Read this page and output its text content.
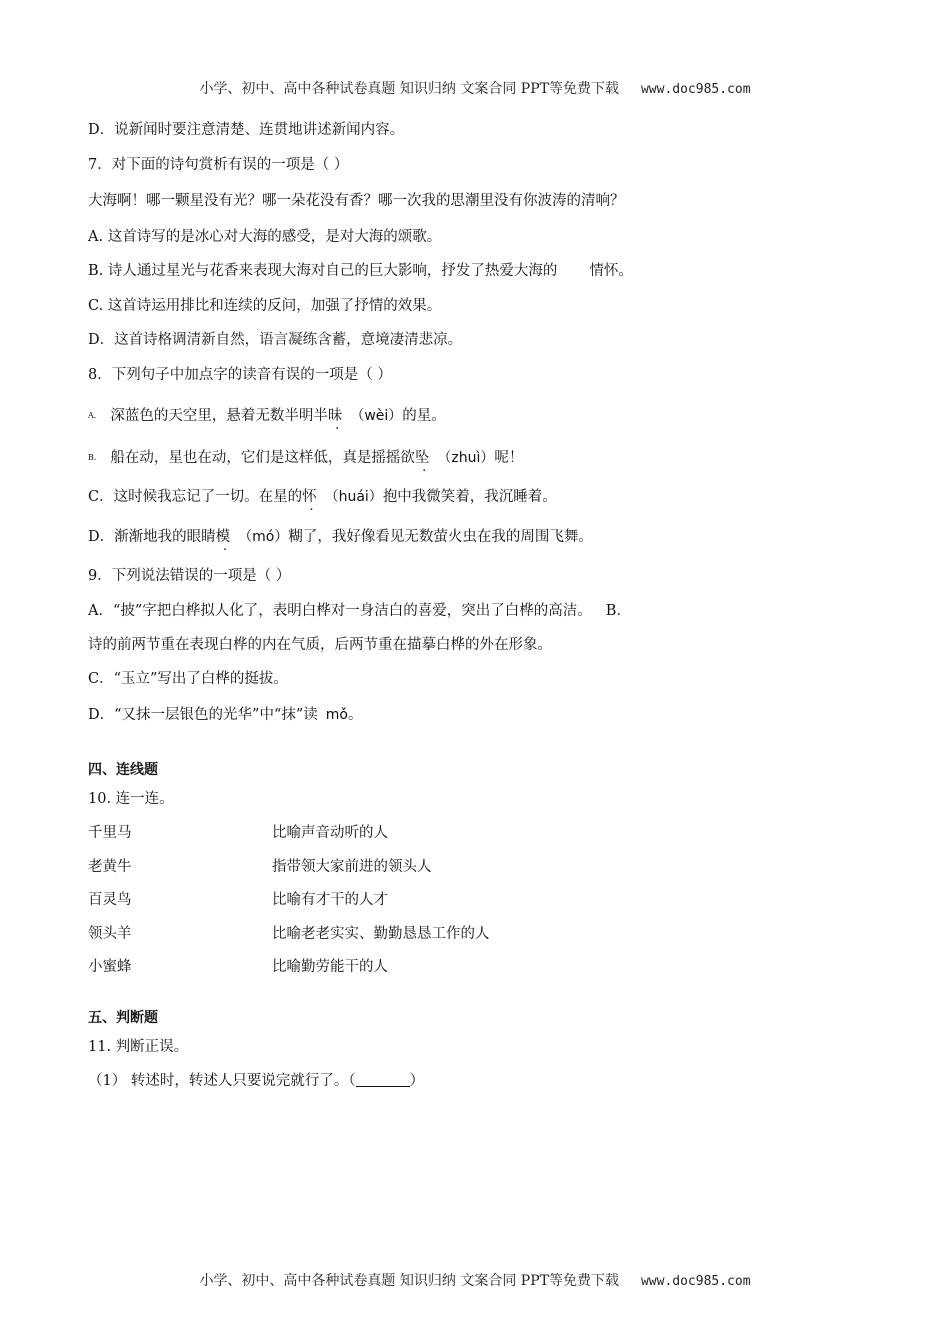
小学、初中、高中各种试卷真题 知识归纳 文案合同 PPT等免费下载 www.doc985.com
D．说新闻时要注意清楚、连贯地讲述新闻内容。
7．对下面的诗句赏析有误的一项是（ ）
大海啊！哪一颗星没有光？哪一朵花没有香？哪一次我的思潮里没有你波涛的清响？
A. 这首诗写的是冰心对大海的感受，是对大海的颂歌。
B. 诗人通过星光与花香来表现大海对自己的巨大影响，抒发了热爱大海的 情怀。
C. 这首诗运用排比和连续的反问，加强了抒情的效果。
D．这首诗格调清新自然，语言凝练含蓄，意境凄清悲凉。
8．下列句子中加点字的读音有误的一项是（ ）
$^{A.}$ 深蓝色的天空里，悬着无数半明半昧 （wèi）的星。
$^{B.}$ 船在动，星也在动，它们是这样低，真是摇摇欲坠 （zhuì）呢！
C．这时候我忘记了一切。在星的怀 （huái）抱中我微笑着，我沉睡着。
D．渐渐地我的眼睛模 （mó）糊了，我好像看见无数萤火虫在我的周围飞舞。
9．下列说法错误的一项是（ ）
A．“披”字把白桦拟人化了，表明白桦对一身洁白的喜爱，突出了白桦的高洁。 B．
诗的前两节重在表现白桦的内在气质，后两节重在描摹白桦的外在形象。
C．“玉立”写出了白桦的挺拔。
D．“又抹一层银色的光华”中“抹”读 mǒ。
四、连线题
10. 连一连。
千里马	比喻声音动听的人
老黄牛	指带领大家前进的领头人
百灵鸟	比喻有才干的人才
领头羊	比喻老老实实、勤勤恳恳工作的人
小蜜蜂	比喻勤劳能干的人
五、判断题
11. 判断正误。
（1） 转述时，转述人只要说完就行了。（	）
小学、初中、高中各种试卷真题 知识归纳 文案合同 PPT等免费下载 www.doc985.com
